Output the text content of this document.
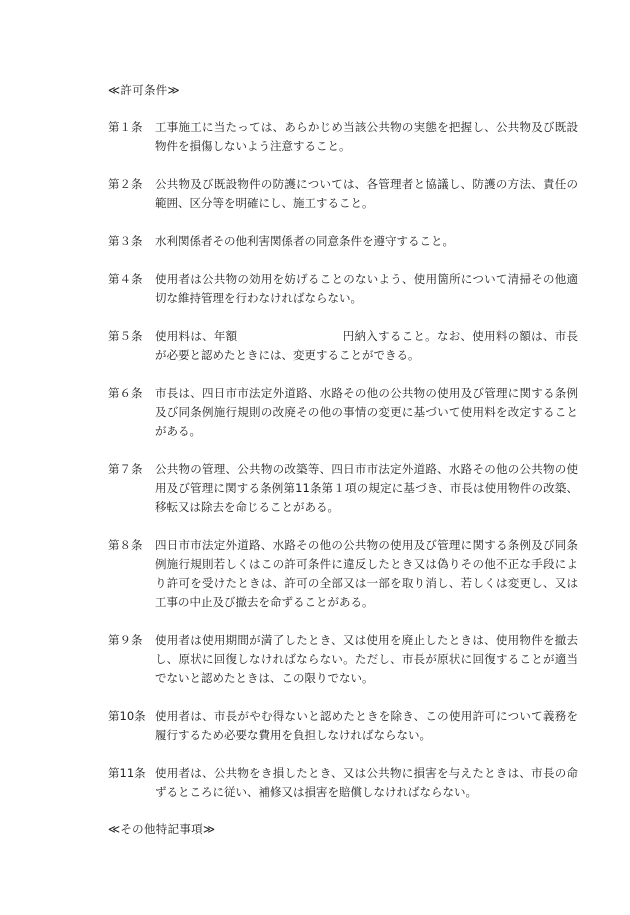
≪許可条件≫
第１条	工事施工に当たっては、あらかじめ当該公共物の実態を把握し、公共物及び既設物件を損傷しないよう注意すること。
第２条	公共物及び既設物件の防護については、各管理者と協議し、防護の方法、責任の範囲、区分等を明確にし、施工すること。
第３条	水利関係者その他利害関係者の同意条件を遵守すること。
第４条	使用者は公共物の効用を妨げることのないよう、使用箇所について清掃その他適切な維持管理を行わなければならない。
第５条	使用料は、年額	円納入すること。なお、使用料の額は、市長が必要と認めたときには、変更することができる。
第６条	市長は、四日市市法定外道路、水路その他の公共物の使用及び管理に関する条例及び同条例施行規則の改廃その他の事情の変更に基づいて使用料を改定することがある。
第７条	公共物の管理、公共物の改築等、四日市市法定外道路、水路その他の公共物の使用及び管理に関する条例第11条第１項の規定に基づき、市長は使用物件の改築、移転又は除去を命じることがある。
第８条	四日市市法定外道路、水路その他の公共物の使用及び管理に関する条例及び同条例施行規則若しくはこの許可条件に違反したとき又は偽りその他不正な手段により許可を受けたときは、許可の全部又は一部を取り消し、若しくは変更し、又は工事の中止及び撤去を命ずることがある。
第９条	使用者は使用期間が満了したとき、又は使用を廃止したときは、使用物件を撤去し、原状に回復しなければならない。ただし、市長が原状に回復することが適当でないと認めたときは、この限りでない。
第10条 使用者は、市長がやむ得ないと認めたときを除き、この使用許可について義務を履行するため必要な費用を負担しなければならない。
第11条 使用者は、公共物をき損したとき、又は公共物に損害を与えたときは、市長の命ずるところに従い、補修又は損害を賠償しなければならない。
≪その他特記事項≫
